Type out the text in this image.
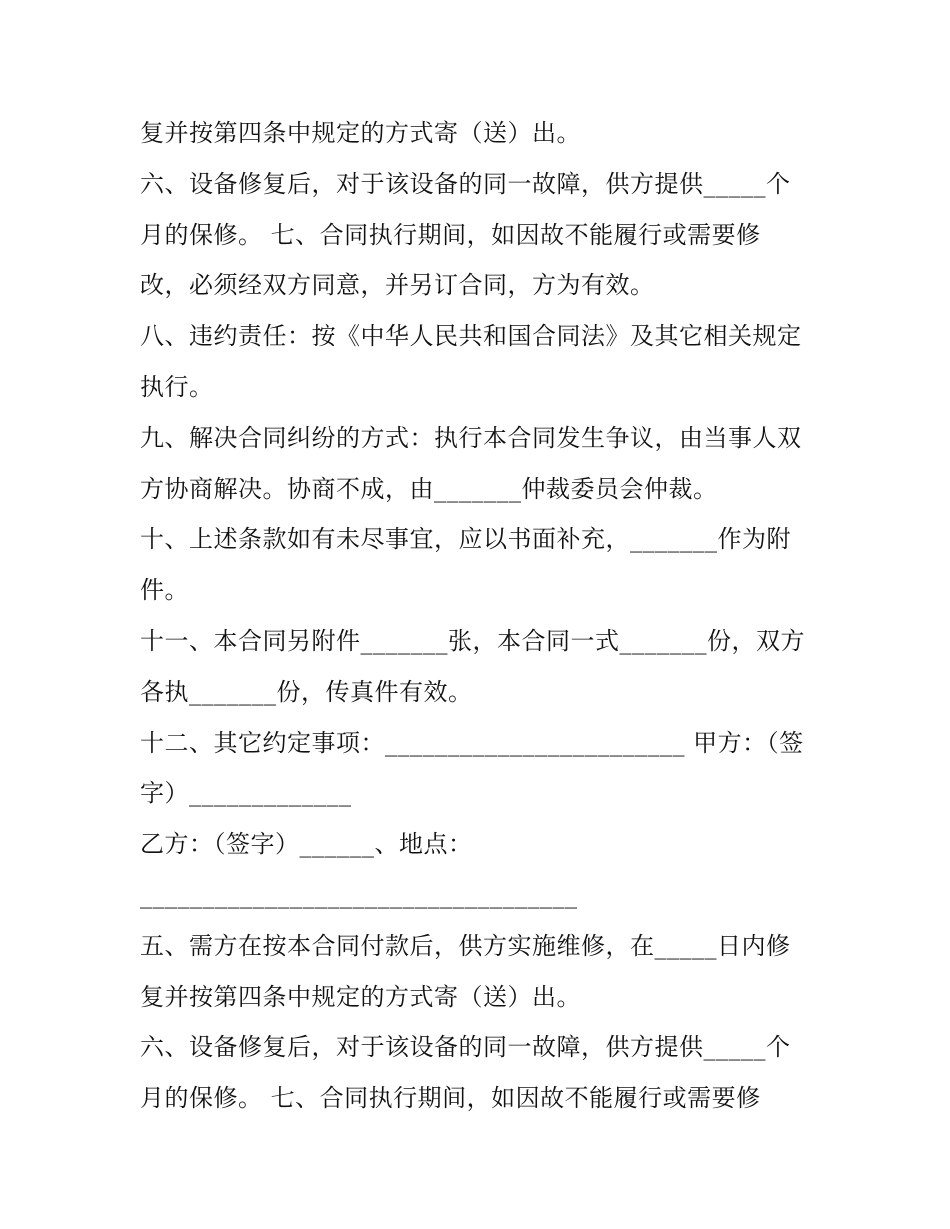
复并按第四条中规定的方式寄（送）出。
六、设备修复后，对于该设备的同一故障，供方提供_____个
月的保修。 七、合同执行期间，如因故不能履行或需要修
改，必须经双方同意，并另订合同，方为有效。
八、违约责任：按《中华人民共和国合同法》及其它相关规定
执行。
九、解决合同纠纷的方式：执行本合同发生争议，由当事人双
方协商解决。协商不成，由_______仲裁委员会仲裁。
十、上述条款如有未尽事宜，应以书面补充，_______作为附
件。
十一、本合同另附件_______张，本合同一式_______份，双方
各执_______份，传真件有效。
十二、其它约定事项：________________________ 甲方：（签
字）_____________
乙方：（签字）______、地点：
___________________________________
五、需方在按本合同付款后，供方实施维修，在_____日内修
复并按第四条中规定的方式寄（送）出。
六、设备修复后，对于该设备的同一故障，供方提供_____个
月的保修。 七、合同执行期间，如因故不能履行或需要修
